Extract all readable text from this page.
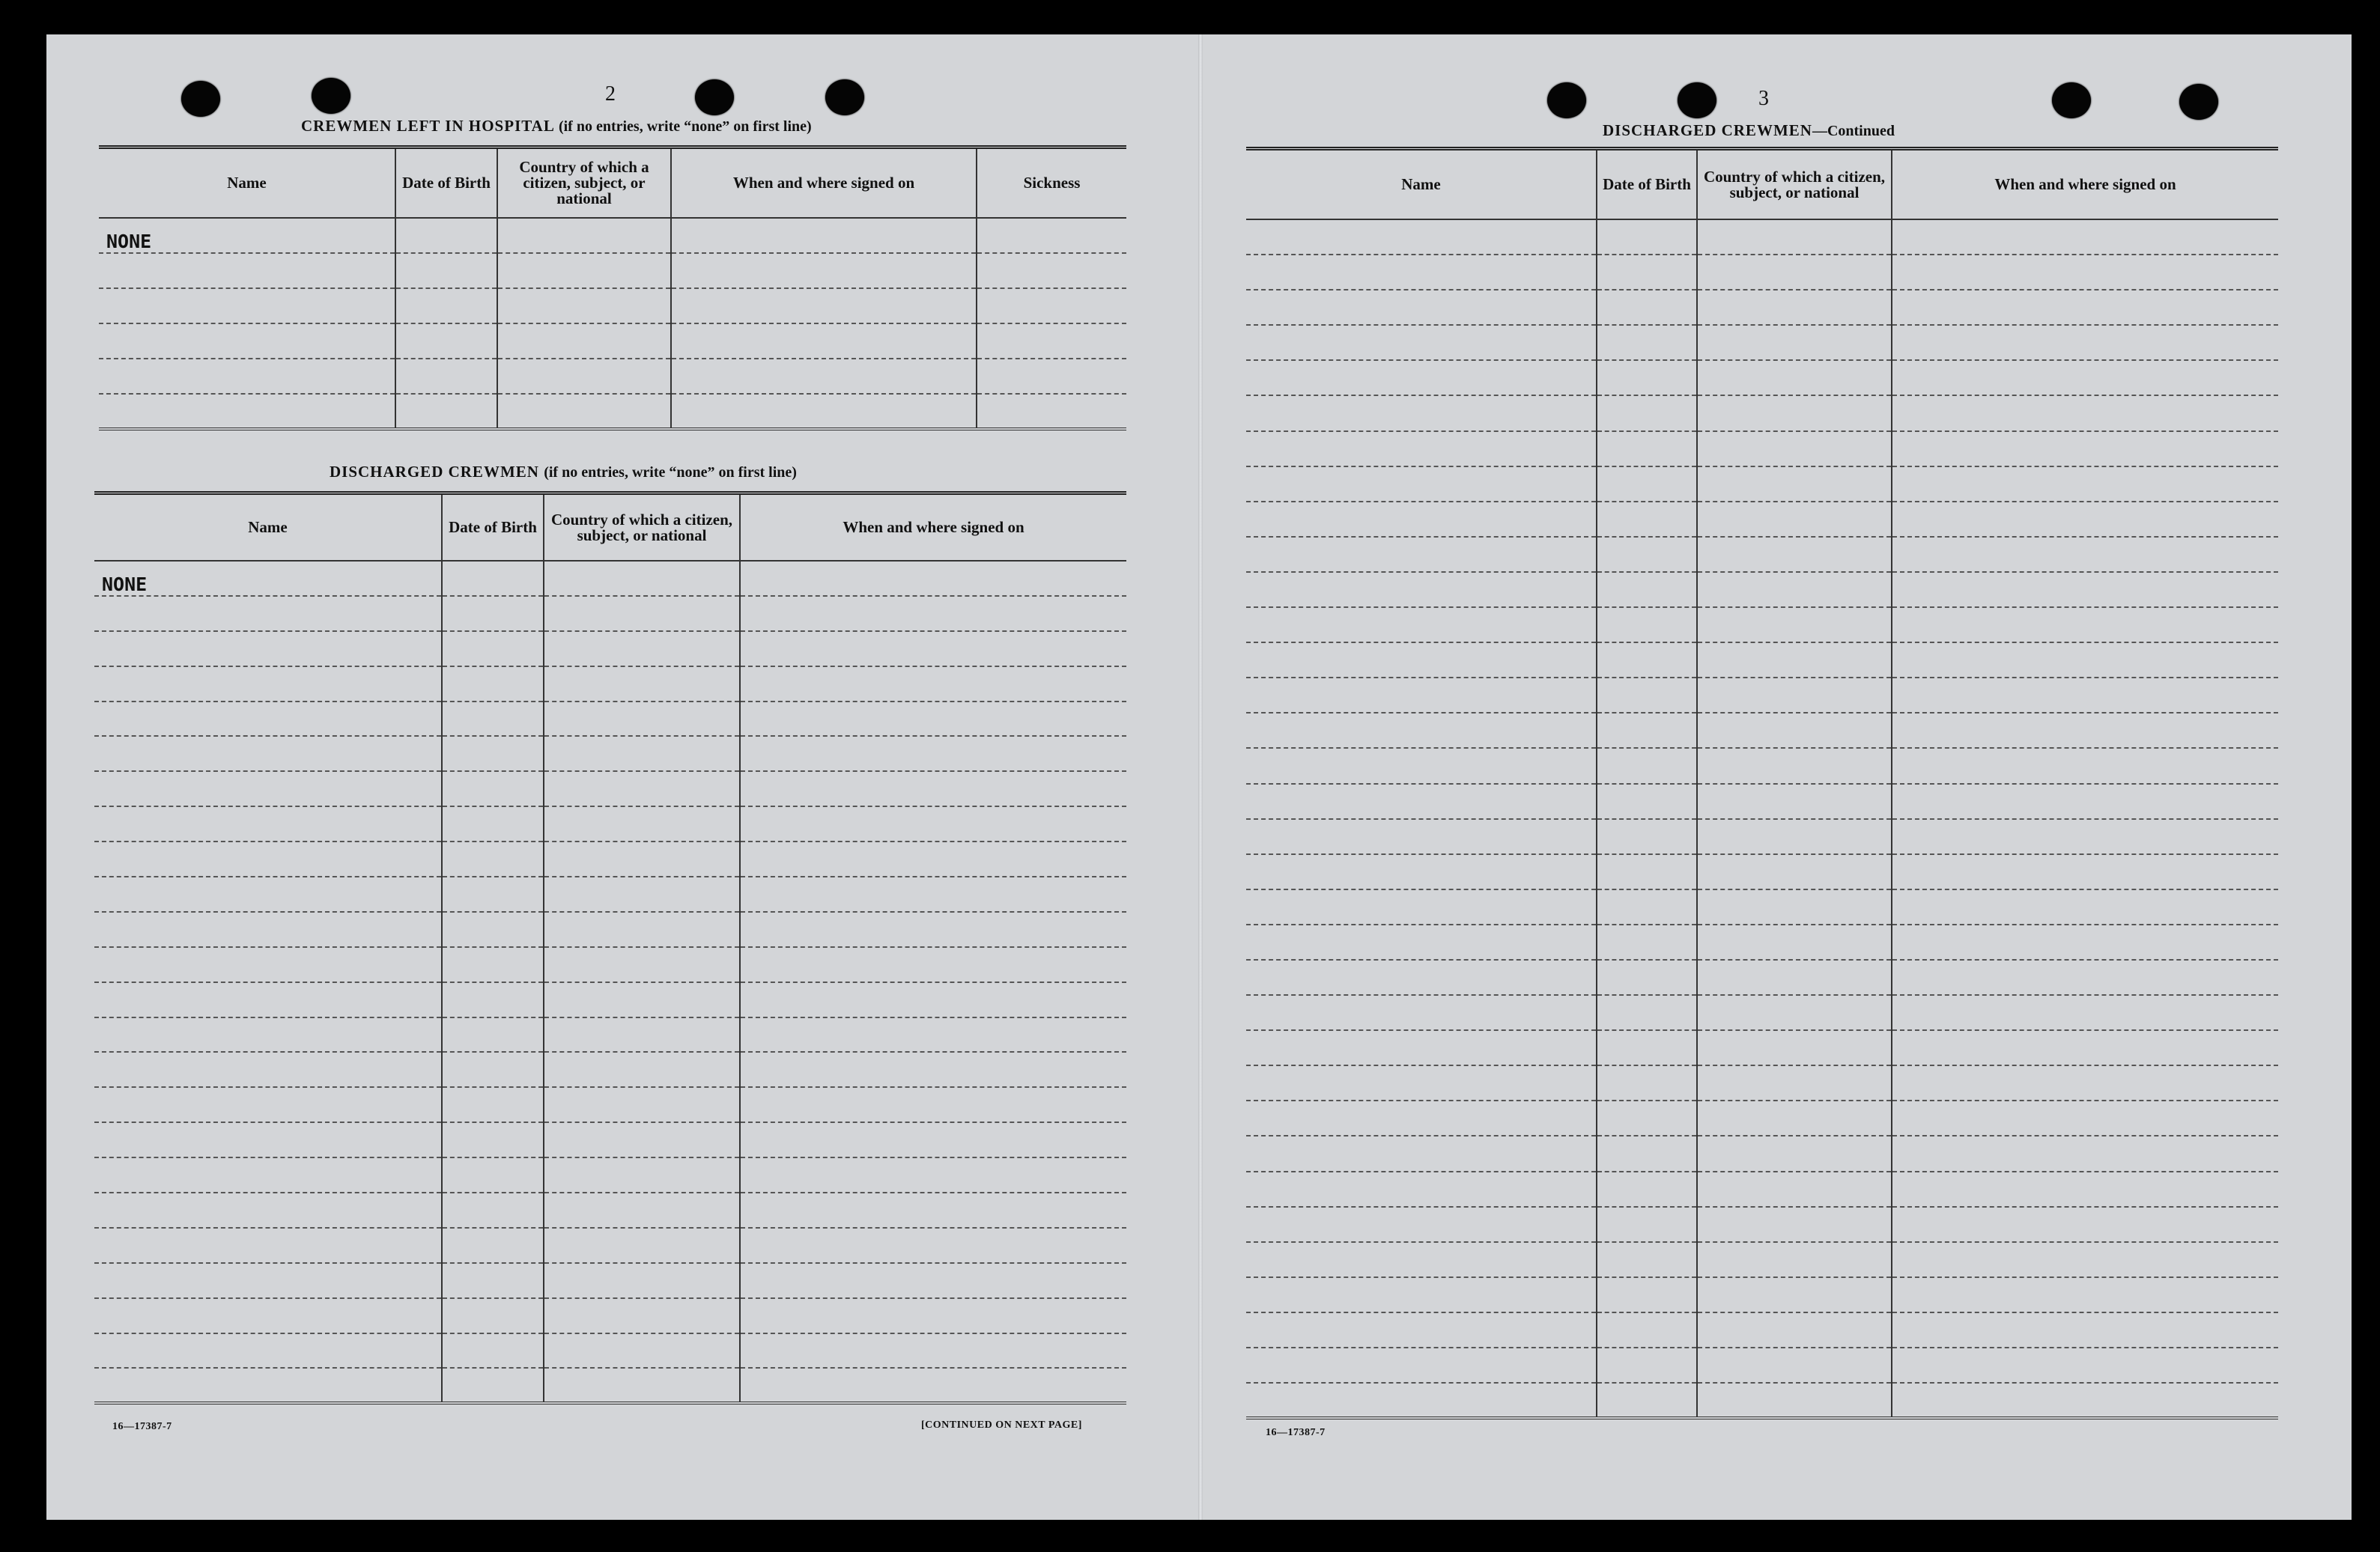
2
CREWMEN LEFT IN HOSPITAL (if no entries, write “none” on first line)
Name	Date of Birth	Country of which a citizen, subject, or national	When and where signed on	Sickness
NONE				

DISCHARGED CREWMEN (if no entries, write “none” on first line)
Name	Date of Birth	Country of which a citizen, subject, or national	When and where signed on
NONE			

16—17387-7	[CONTINUED ON NEXT PAGE]
3
DISCHARGED CREWMEN—Continued
Name	Date of Birth	Country of which a citizen, subject, or national	When and where signed on

16—17387-7
